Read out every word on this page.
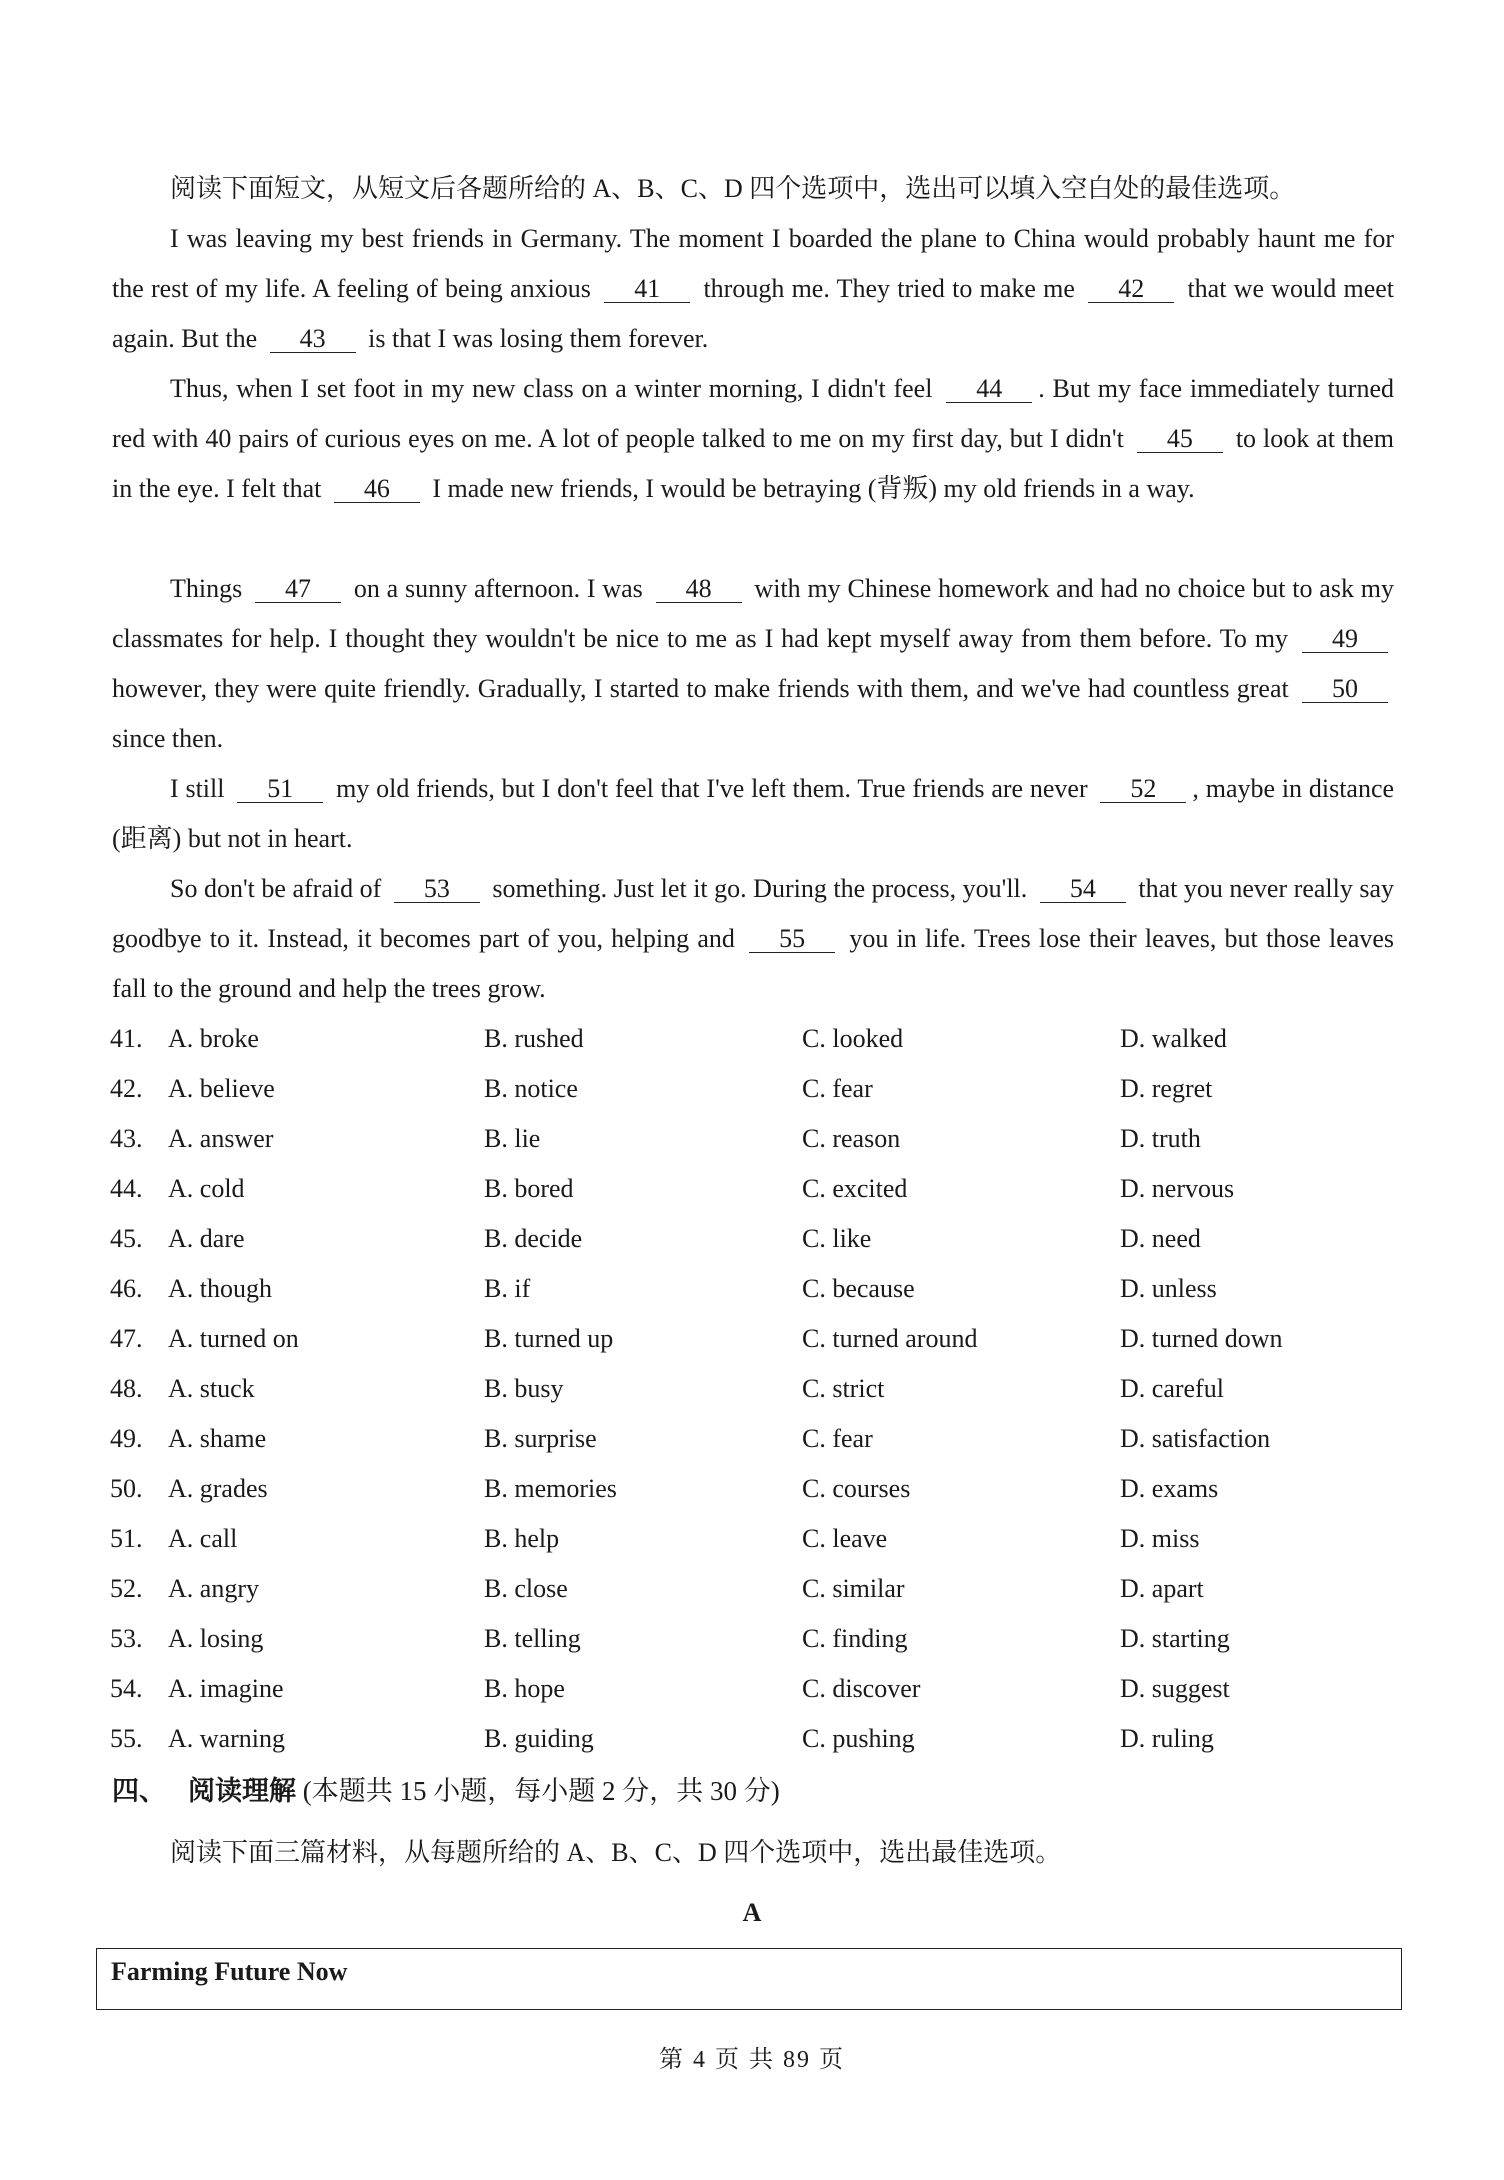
阅读下面短文，从短文后各题所给的 A、B、C、D 四个选项中，选出可以填入空白处的最佳选项。
I was leaving my best friends in Germany. The moment I boarded the plane to China would probably haunt me for the rest of my life. A feeling of being anxious 41 through me. They tried to make me 42 that we would meet again. But the 43 is that I was losing them forever.
Thus, when I set foot in my new class on a winter morning, I didn't feel 44 . But my face immediately turned red with 40 pairs of curious eyes on me. A lot of people talked to me on my first day, but I didn't 45 to look at them in the eye. I felt that 46 I made new friends, I would be betraying (背叛) my old friends in a way.
Things 47 on a sunny afternoon. I was 48 with my Chinese homework and had no choice but to ask my classmates for help. I thought they wouldn't be nice to me as I had kept myself away from them before. To my 49 however, they were quite friendly. Gradually, I started to make friends with them, and we've had countless great 50 since then.
I still 51 my old friends, but I don't feel that I've left them. True friends are never 52 , maybe in distance (距离) but not in heart.
So don't be afraid of 53 something. Just let it go. During the process, you'll. 54 that you never really say goodbye to it. Instead, it becomes part of you, helping and 55 you in life. Trees lose their leaves, but those leaves fall to the ground and help the trees grow.
41. A. broke	B. rushed	C. looked	D. walked
42. A. believe	B. notice	C. fear	D. regret
43. A. answer	B. lie	C. reason	D. truth
44. A. cold	B. bored	C. excited	D. nervous
45. A. dare	B. decide	C. like	D. need
46. A. though	B. if	C. because	D. unless
47. A. turned on	B. turned up	C. turned around	D. turned down
48. A. stuck	B. busy	C. strict	D. careful
49. A. shame	B. surprise	C. fear	D. satisfaction
50. A. grades	B. memories	C. courses	D. exams
51. A. call	B. help	C. leave	D. miss
52. A. angry	B. close	C. similar	D. apart
53. A. losing	B. telling	C. finding	D. starting
54. A. imagine	B. hope	C. discover	D. suggest
55. A. warning	B. guiding	C. pushing	D. ruling
四、 阅读理解 (本题共 15 小题，每小题 2 分，共 30 分)
阅读下面三篇材料，从每题所给的 A、B、C、D 四个选项中，选出最佳选项。
A
Farming Future Now
第 4 页 共 89 页
